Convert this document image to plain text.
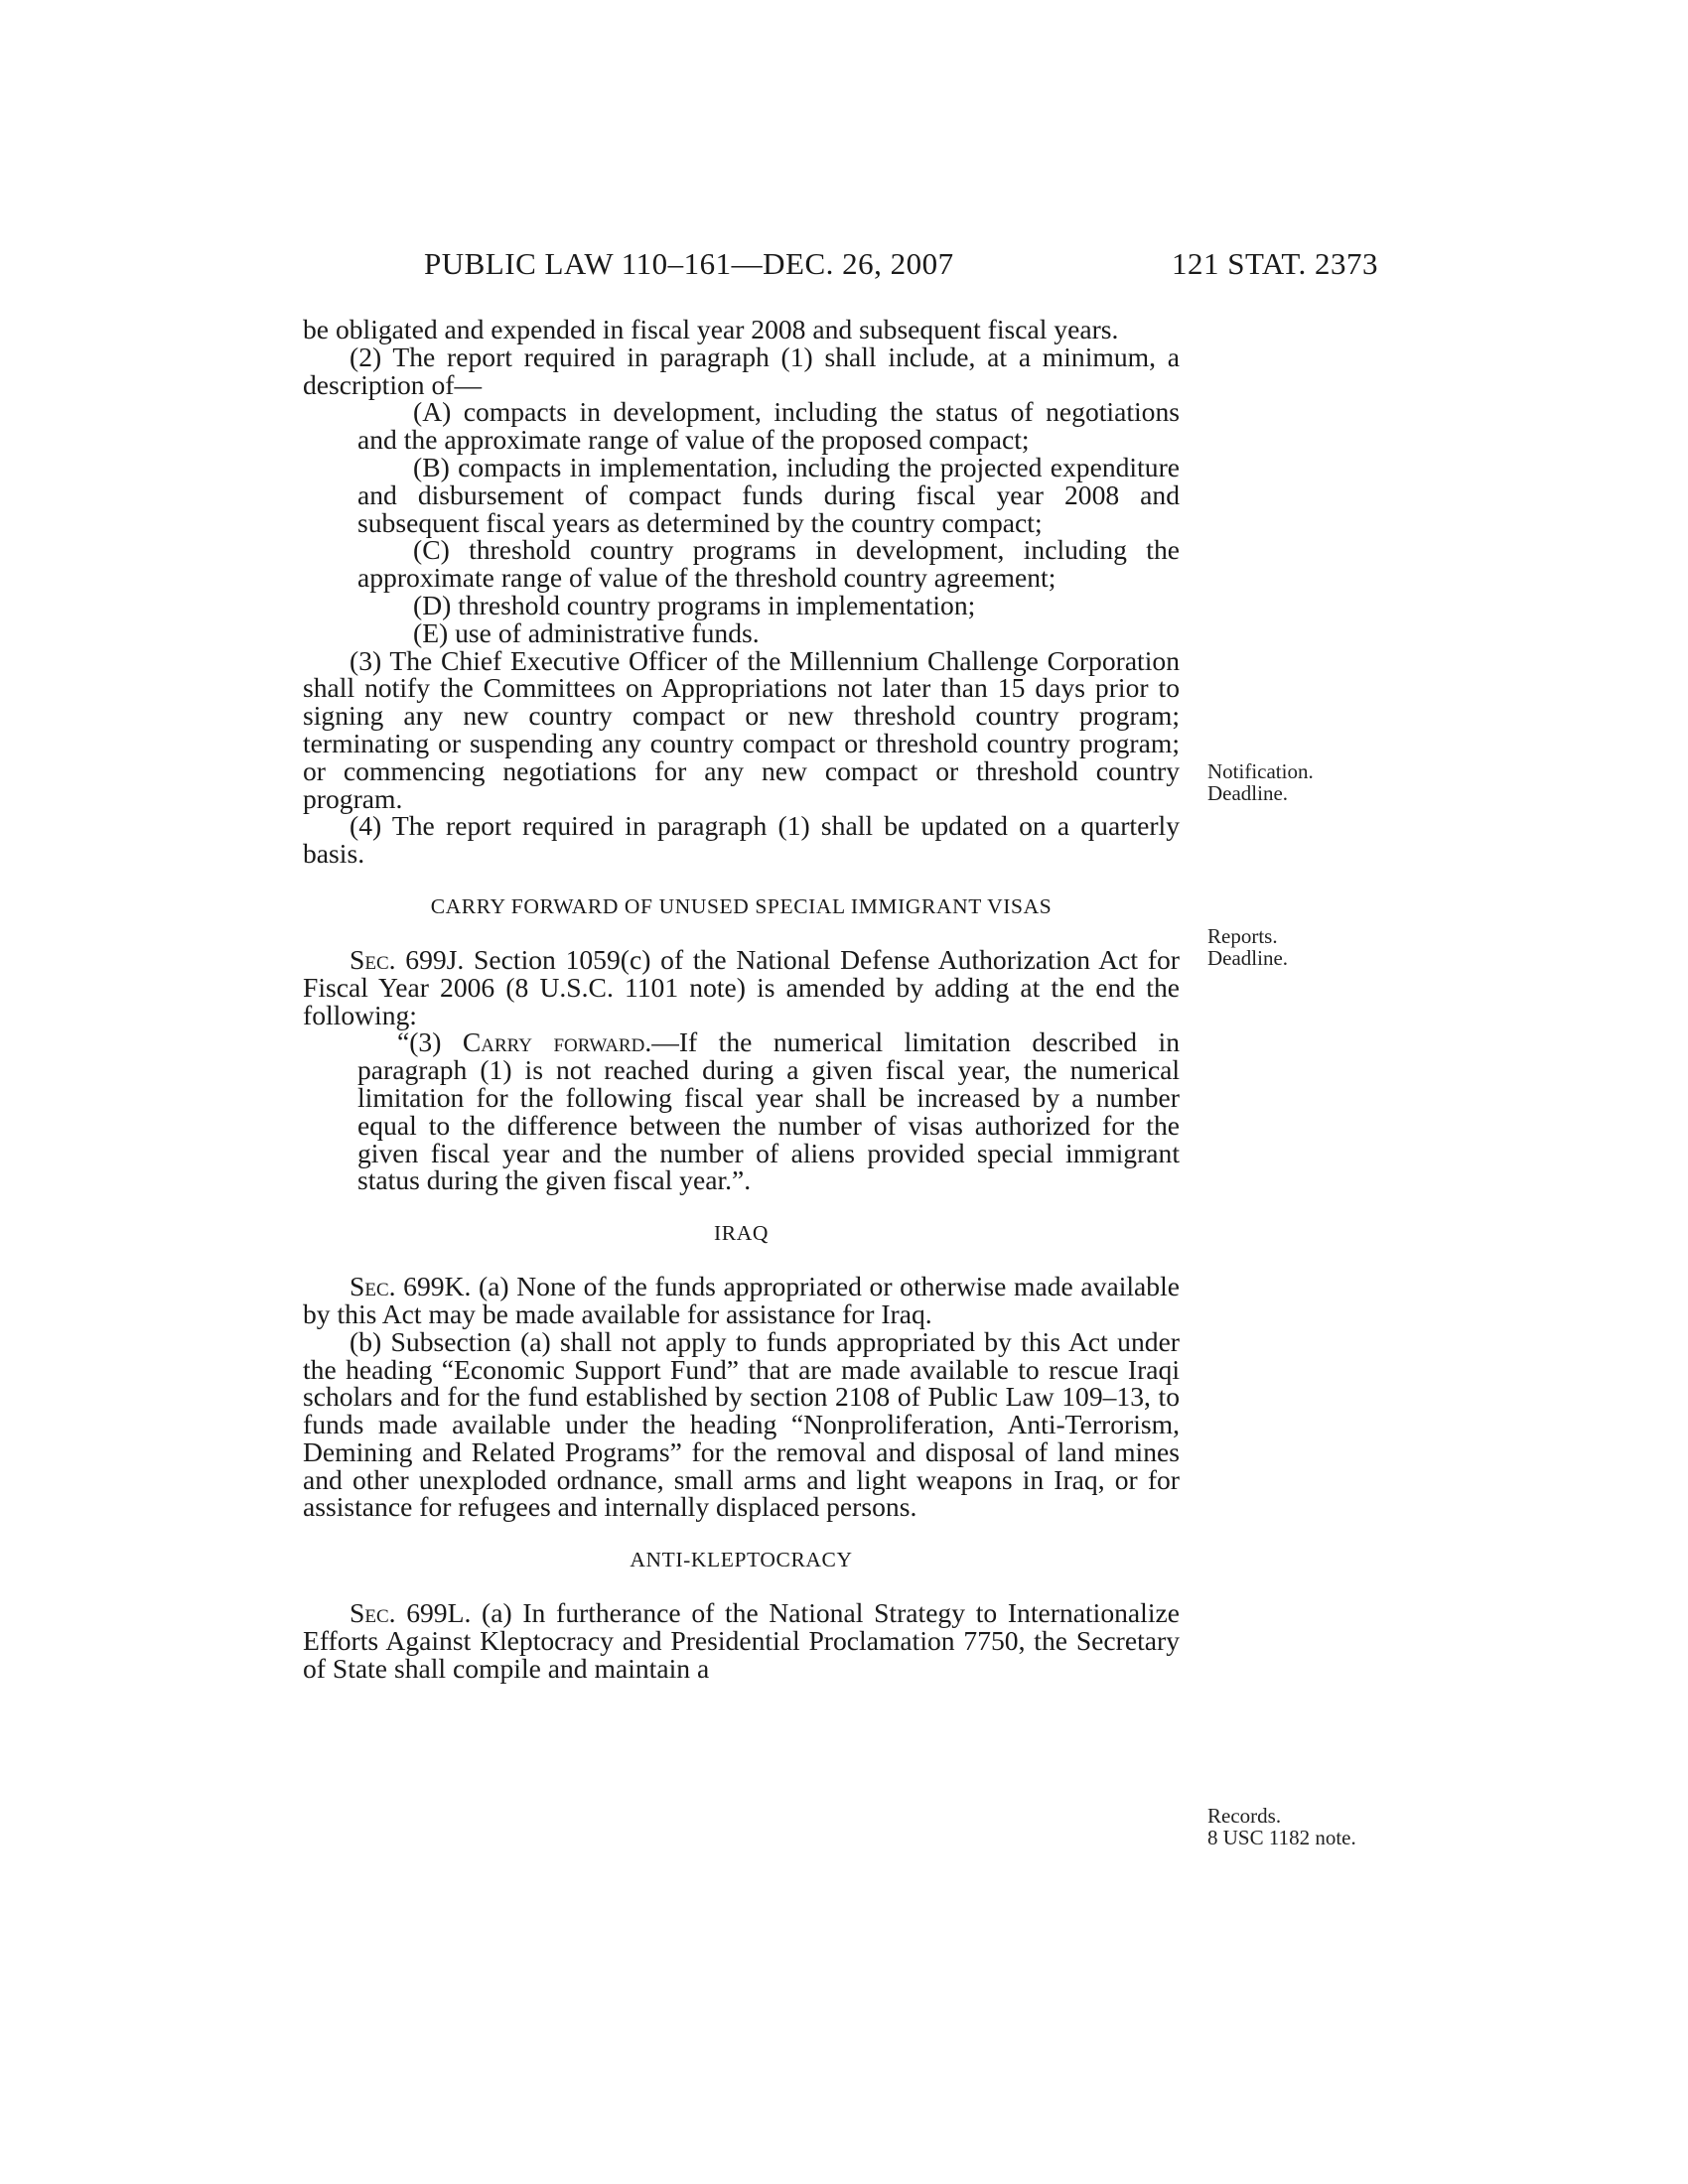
PUBLIC LAW 110–161—DEC. 26, 2007	121 STAT. 2373

be obligated and expended in fiscal year 2008 and subsequent fiscal years.

(2) The report required in paragraph (1) shall include, at a minimum, a description of—

(A) compacts in development, including the status of negotiations and the approximate range of value of the proposed compact;

(B) compacts in implementation, including the projected expenditure and disbursement of compact funds during fiscal year 2008 and subsequent fiscal years as determined by the country compact;

(C) threshold country programs in development, including the approximate range of value of the threshold country agreement;

(D) threshold country programs in implementation;

(E) use of administrative funds.

(3) The Chief Executive Officer of the Millennium Challenge Corporation shall notify the Committees on Appropriations not later than 15 days prior to signing any new country compact or new threshold country program; terminating or suspending any country compact or threshold country program; or commencing negotiations for any new compact or threshold country program.

(4) The report required in paragraph (1) shall be updated on a quarterly basis.

CARRY FORWARD OF UNUSED SPECIAL IMMIGRANT VISAS

Sec. 699J. Section 1059(c) of the National Defense Authorization Act for Fiscal Year 2006 (8 U.S.C. 1101 note) is amended by adding at the end the following:

“(3) Carry forward.—If the numerical limitation described in paragraph (1) is not reached during a given fiscal year, the numerical limitation for the following fiscal year shall be increased by a number equal to the difference between the number of visas authorized for the given fiscal year and the number of aliens provided special immigrant status during the given fiscal year.”.

IRAQ

Sec. 699K. (a) None of the funds appropriated or otherwise made available by this Act may be made available for assistance for Iraq.

(b) Subsection (a) shall not apply to funds appropriated by this Act under the heading “Economic Support Fund” that are made available to rescue Iraqi scholars and for the fund established by section 2108 of Public Law 109–13, to funds made available under the heading “Nonproliferation, Anti-Terrorism, Demining and Related Programs” for the removal and disposal of land mines and other unexploded ordnance, small arms and light weapons in Iraq, or for assistance for refugees and internally displaced persons.

ANTI-KLEPTOCRACY

Sec. 699L. (a) In furtherance of the National Strategy to Internationalize Efforts Against Kleptocracy and Presidential Proclamation 7750, the Secretary of State shall compile and maintain a

Notification.
Deadline.
Reports.
Deadline.
Records.
8 USC 1182 note.
